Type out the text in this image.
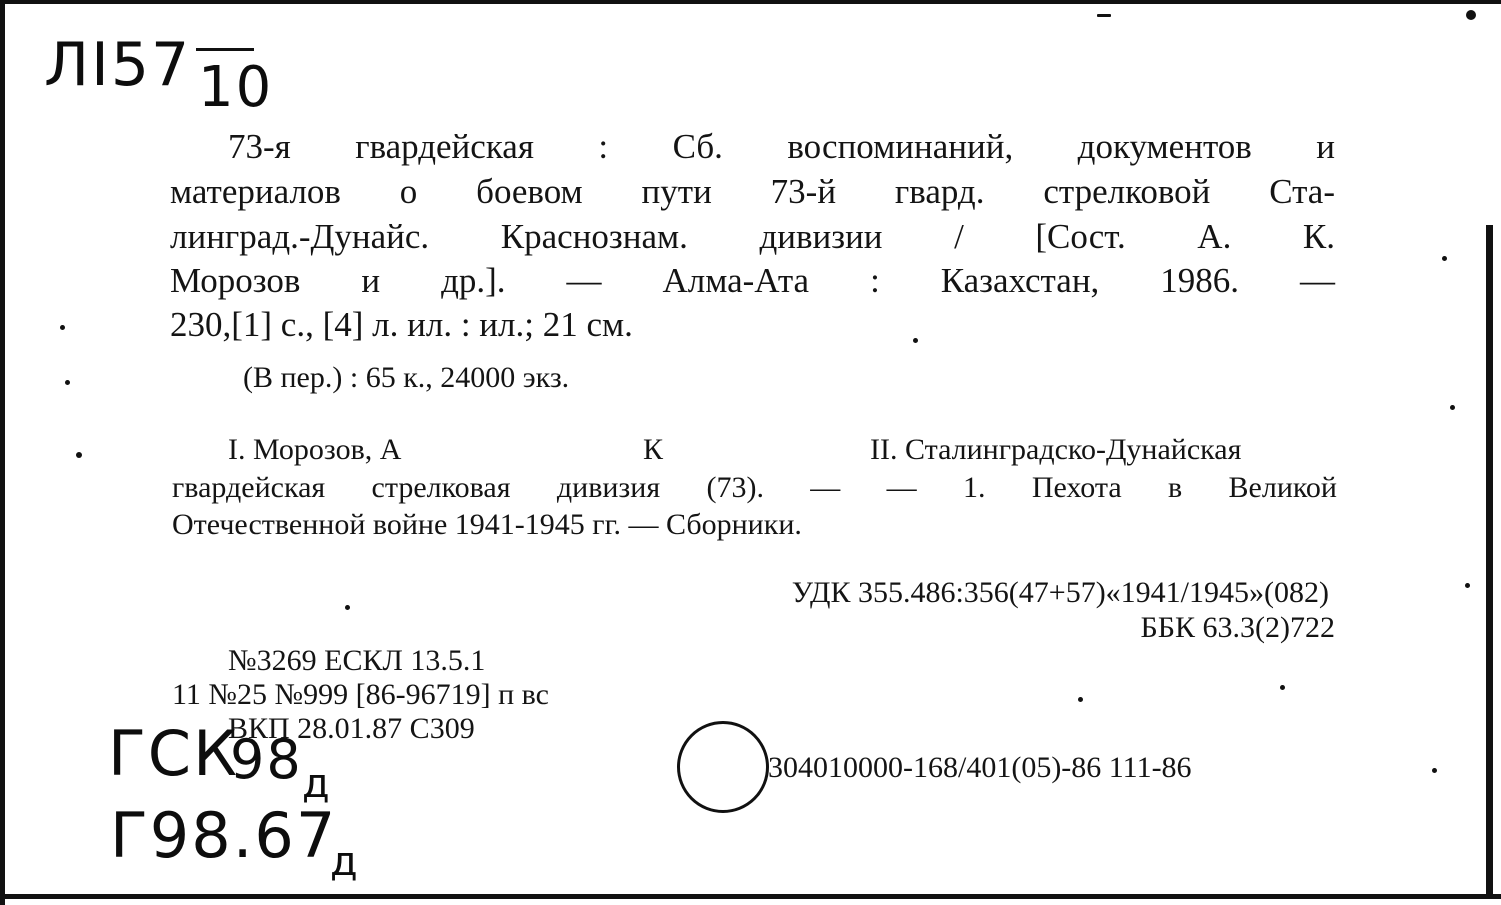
ЛI57 10
73-я гвардейская : Сб. воспоминаний, документов и
материалов о боевом пути 73-й гвард. стрелковой Ста-
линград.-Дунайс. Краснознам. дивизии / [Сост. А. К.
Морозов и др.]. — Алма-Ата : Казахстан, 1986. —
230,[1] с., [4] л. ил. : ил.; 21 см.
(В пер.) : 65 к., 24000 экз.
I. Морозов, А	К	II. Сталинградско-Дунайская
гвардейская стрелковая дивизия (73). — — 1. Пехота в Великой
Отечественной войне 1941-1945 гг. — Сборники.
УДК 355.486:356(47+57)«1941/1945»(082)
ББК 63.3(2)722
№3269 ЕСКЛ 13.5.1
11 №25 №999 [86-96719] п вс
ВКП 28.01.87 С309
304010000-168/401(05)-86 111-86
ГСК
98 д
Г98.67
д
